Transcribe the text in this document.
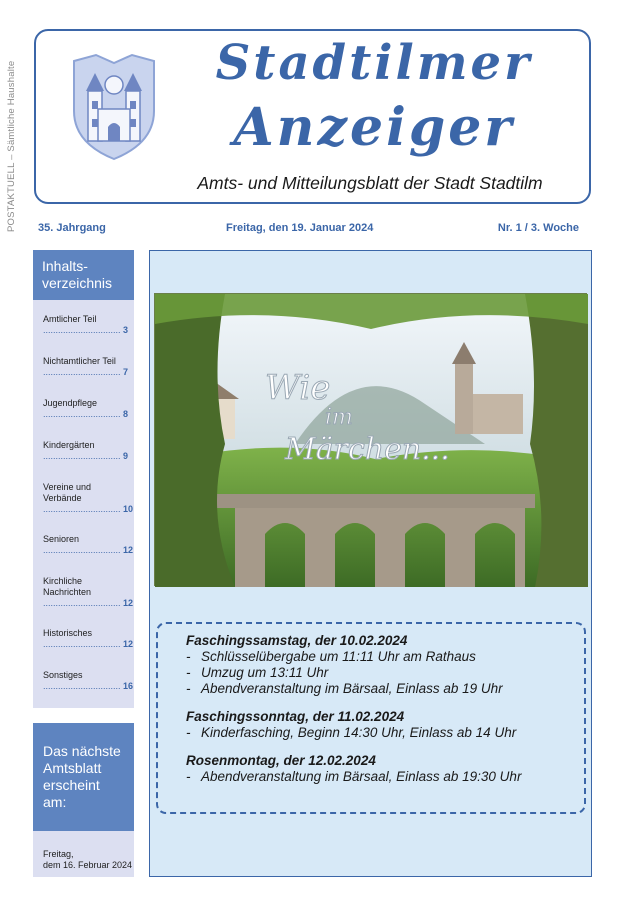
POSTAKTUELL – Sämtliche Haushalte	Stadtilmer
Anzeiger
Amts- und Mitteilungsblatt der Stadt Stadtilm
35. Jahrgang	Freitag, den 19. Januar 2024	Nr. 1 / 3. Woche
Inhalts-
verzeichnis
Amtlicher Teil
............................... 3
Nichtamtlicher Teil
............................... 7
Jugendpflege
............................... 8
Kindergärten
............................... 9
Vereine und
Verbände
............................... 10
Senioren
............................... 12
Kirchliche
Nachrichten
............................... 12
Historisches
............................... 12
Sonstiges
............................... 16
Das nächste
Amtsblatt
erscheint
am:
Freitag,
dem 16. Februar 2024
Wie
im
Märchen...
Faschingssamstag, der 10.02.2024
- Schlüsselübergabe um 11:11 Uhr am Rathaus
- Umzug um 13:11 Uhr
- Abendveranstaltung im Bärsaal, Einlass ab 19 Uhr
Faschingssonntag, der 11.02.2024
- Kinderfasching, Beginn 14:30 Uhr, Einlass ab 14 Uhr
Rosenmontag, der 12.02.2024
- Abendveranstaltung im Bärsaal, Einlass ab 19:30 Uhr
